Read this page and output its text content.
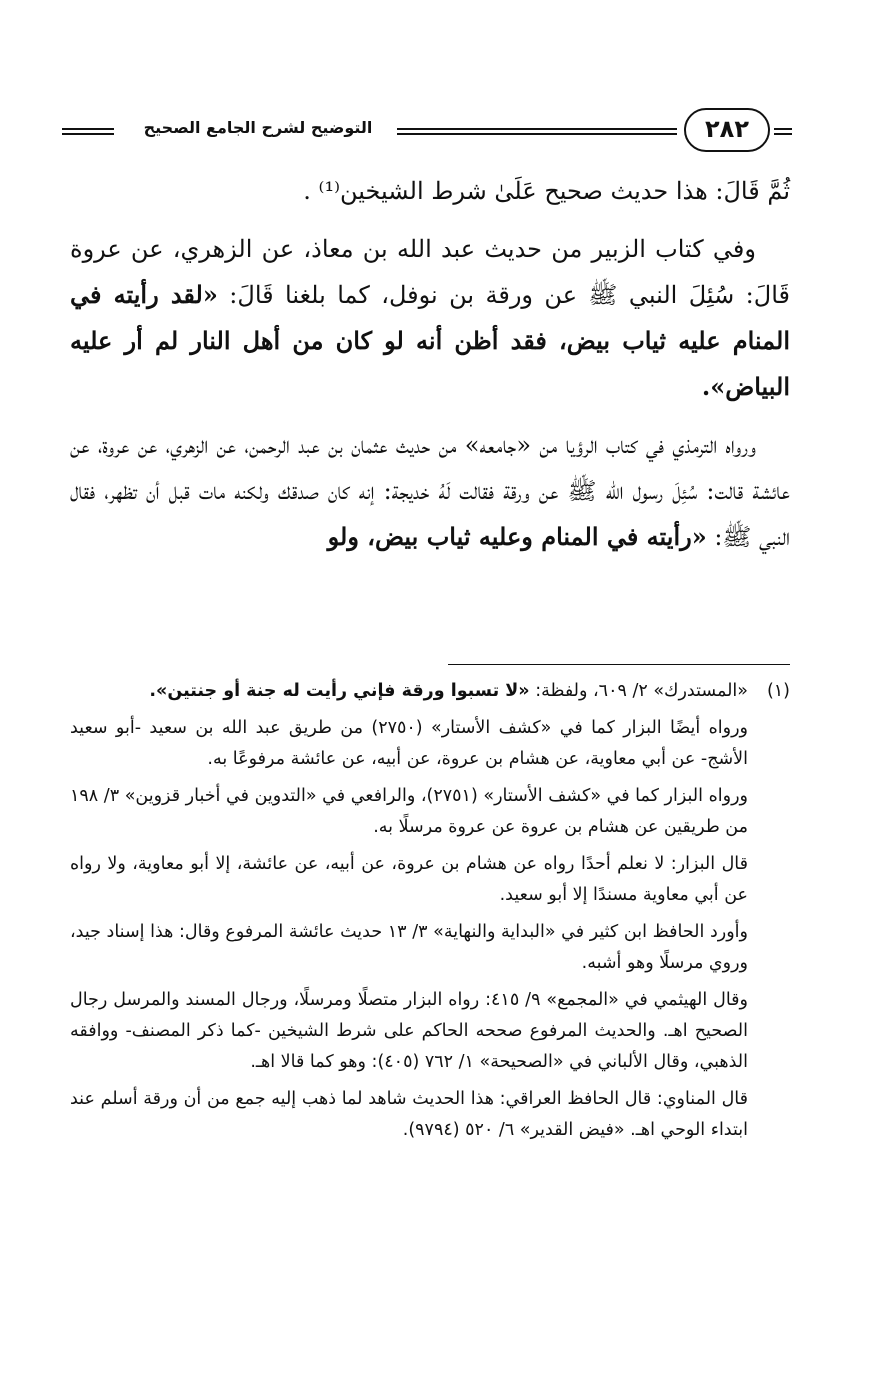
التوضيح لشرح الجامع الصحيح	٢٨٢

ثُمَّ قَالَ: هذا حديث صحيح عَلَىٰ شرط الشيخين⁽¹⁾ .

وفي كتاب الزبير من حديث عبد الله بن معاذ، عن الزهري، عن عروة قَالَ: سُئِلَ النبي ﷺ عن ورقة بن نوفل، كما بلغنا قَالَ: «لقد رأيته في المنام عليه ثياب بيض، فقد أظن أنه لو كان من أهل النار لم أر عليه البياض».

ورواه الترمذي في كتاب الرؤيا من «جامعه» من حديث عثمان بن عبد الرحمن، عن الزهري، عن عروة، عن عائشة قالت: سُئِلَ رسول الله ﷺ عن ورقة فقالت لَهُ خديجة: إنه كان صدقك ولكنه مات قبل أن تظهر، فقال النبي ﷺ: «رأيته في المنام وعليه ثياب بيض، ولو

(١)

«المستدرك» ٢/ ٦٠٩، ولفظة: «لا تسبوا ورقة فإني رأيت له جنة أو جنتين».

ورواه أيضًا البزار كما في «كشف الأستار» (٢٧٥٠) من طريق عبد الله بن سعيد -أبو سعيد الأشج- عن أبي معاوية، عن هشام بن عروة، عن أبيه، عن عائشة مرفوعًا به.

ورواه البزار كما في «كشف الأستار» (٢٧٥١)، والرافعي في «التدوين في أخبار قزوين» ٣/ ١٩٨ من طريقين عن هشام بن عروة عن عروة مرسلًا به.

قال البزار: لا نعلم أحدًا رواه عن هشام بن عروة، عن أبيه، عن عائشة، إلا أبو معاوية، ولا رواه عن أبي معاوية مسندًا إلا أبو سعيد.

وأورد الحافظ ابن كثير في «البداية والنهاية» ٣/ ١٣ حديث عائشة المرفوع وقال: هذا إسناد جيد، وروي مرسلًا وهو أشبه.

وقال الهيثمي في «المجمع» ٩/ ٤١٥: رواه البزار متصلًا ومرسلًا، ورجال المسند والمرسل رجال الصحيح اهـ. والحديث المرفوع صححه الحاكم على شرط الشيخين -كما ذكر المصنف- ووافقه الذهبي، وقال الألباني في «الصحيحة» ١/ ٧٦٢ (٤٠٥): وهو كما قالا اهـ.

قال المناوي: قال الحافظ العراقي: هذا الحديث شاهد لما ذهب إليه جمع من أن ورقة أسلم عند ابتداء الوحي اهـ. «فيض القدير» ٦/ ٥٢٠ (٩٧٩٤).
